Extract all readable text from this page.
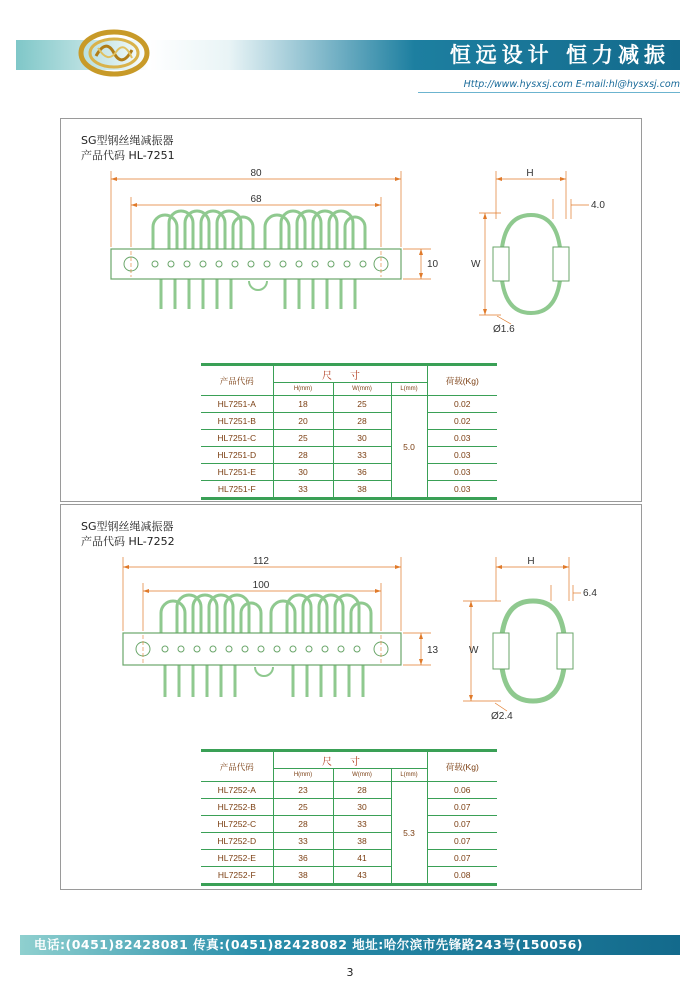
恒远设计 恒力减振
Http://www.hysxsj.com E-mail:hl@hysxsj.com
SG型钢丝绳减振器
产品代码 HL-7251
80
68
10
H
4.0
W
Ø1.6
产品代码	尺寸			荷载(Kg)
	H(mm)	W(mm)	L(mm)	
HL7251-A	18	25	5.0	0.02
HL7251-B	20	28		0.02
HL7251-C	25	30		0.03
HL7251-D	28	33		0.03
HL7251-E	30	36		0.03
HL7251-F	33	38		0.03
SG型钢丝绳减振器
产品代码 HL-7252
112
100
13
H
6.4
W
Ø2.4
产品代码	尺寸			荷载(Kg)
	H(mm)	W(mm)	L(mm)	
HL7252-A	23	28	5.3	0.06
HL7252-B	25	30		0.07
HL7252-C	28	33		0.07
HL7252-D	33	38		0.07
HL7252-E	36	41		0.07
HL7252-F	38	43		0.08
电话:(0451)82428081 传真:(0451)82428082 地址:哈尔滨市先锋路243号(150056)
3
